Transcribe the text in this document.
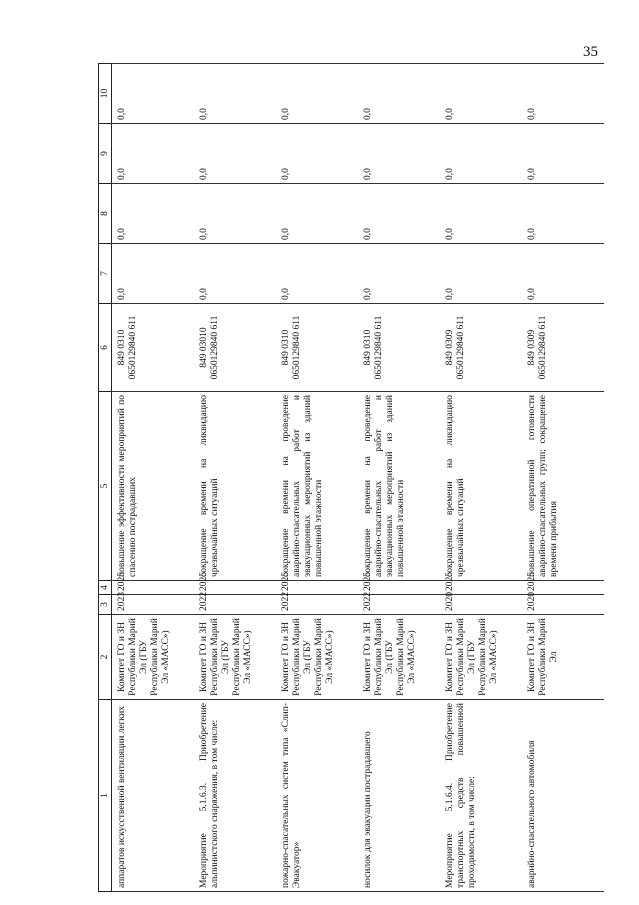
35
1	2	3	4	5	6	7	8	9	10
аппаратов искусственной вентиляции легких	Комитет ГО и ЗН Республики Марий Эл (ГБУ Республики Марий Эл «МАСС»)	2023	2025	повышение эффективности мероприятий по спасению пострадавших	849 0310 0650129840 611	0,0	0,0	0,0	0,0
Мероприятие 5.1.6.3. Приобретение альпинистского снаряжения, в том числе:	Комитет ГО и ЗН Республики Марий Эл (ГБУ Республики Марий Эл «МАСС»)	2022	2025	сокращение времени на ликвидацию чрезвычайных ситуаций	849 03010 0650129840 611	0,0	0,0	0,0	0,0
пожарно-спасательных систем типа «Слип-Эвакуатор»	Комитет ГО и ЗН Республики Марий Эл (ГБУ Республики Марий Эл «МАСС»)	2022	2025	сокращение времени на проведение аварийно-спасательных работ и эвакуационных мероприятий из зданий повышенной этажности	849 0310 0650129840 611	0,0	0,0	0,0	0,0
носилок для эвакуации пострадавшего	Комитет ГО и ЗН Республики Марий Эл (ГБУ Республики Марий Эл «МАСС»)	2022	2025	сокращение времени на проведение аварийно-спасательных работ и эвакуационных мероприятий из зданий повышенной этажности	849 0310 0650129840 611	0,0	0,0	0,0	0,0
Мероприятие 5.1.6.4. Приобретение транспортных средств повышенной проходимости, в том числе:	Комитет ГО и ЗН Республики Марий Эл (ГБУ Республики Марий Эл «МАСС»)	2020	2025	сокращение времени на ликвидацию чрезвычайных ситуаций	849 0309 0650129840 611	0,0	0,0	0,0	0,0
аварийно-спасательного автомобиля	Комитет ГО и ЗН Республики Марий Эл	2020	2025	повышение оперативной готовности аварийно-спасательных групп; сокращение времени прибытия	849 0309 0650129840 611	0,0	0,0	0,0	0,0
